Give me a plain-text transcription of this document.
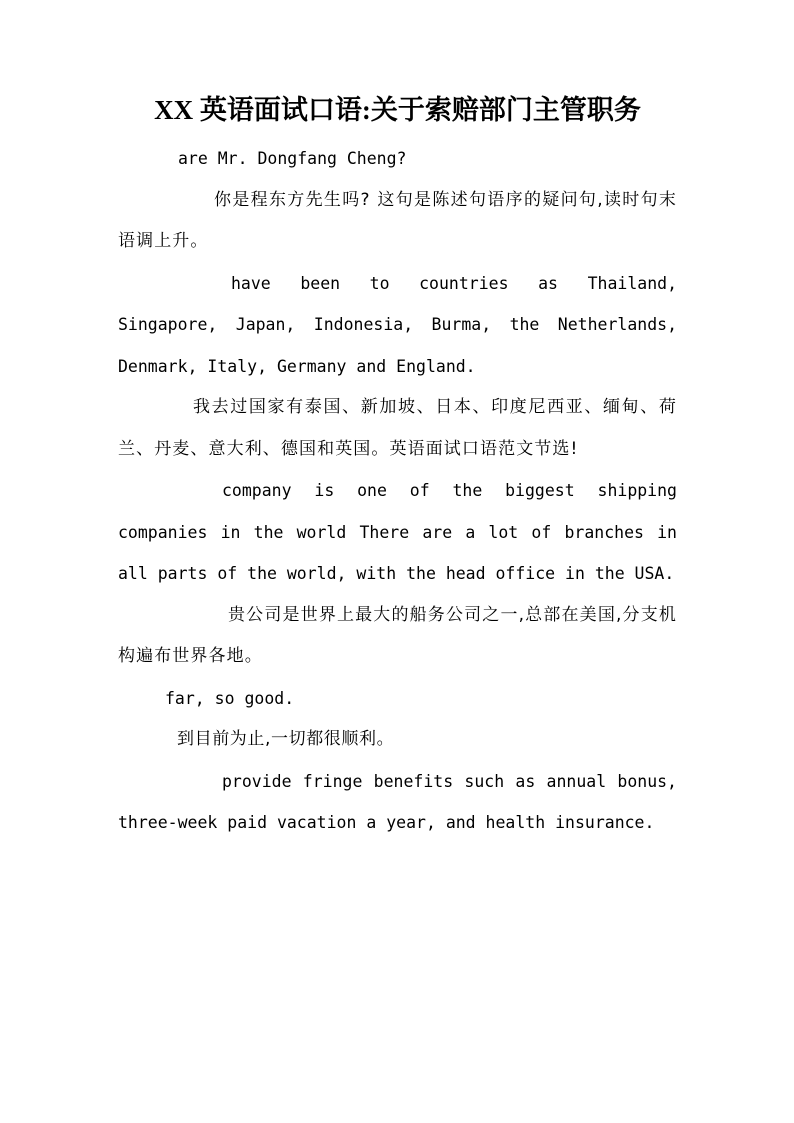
XX 英语面试口语:关于索赔部门主管职务

are Mr. Dongfang Cheng?

你是程东方先生吗? 这句是陈述句语序的疑问句,读时句末语调上升。

have been to countries as Thailand, Singapore, Japan, Indonesia, Burma, the Netherlands, Denmark, Italy, Germany and England.

我去过国家有泰国、新加坡、日本、印度尼西亚、缅甸、荷兰、丹麦、意大利、德国和英国。英语面试口语范文节选!

company is one of the biggest shipping companies in the world There are a lot of branches in all parts of the world, with the head office in the USA.

贵公司是世界上最大的船务公司之一,总部在美国,分支机构遍布世界各地。

far, so good.

到目前为止,一切都很顺利。

provide fringe benefits such as annual bonus, three-week paid vacation a year, and health insurance.
